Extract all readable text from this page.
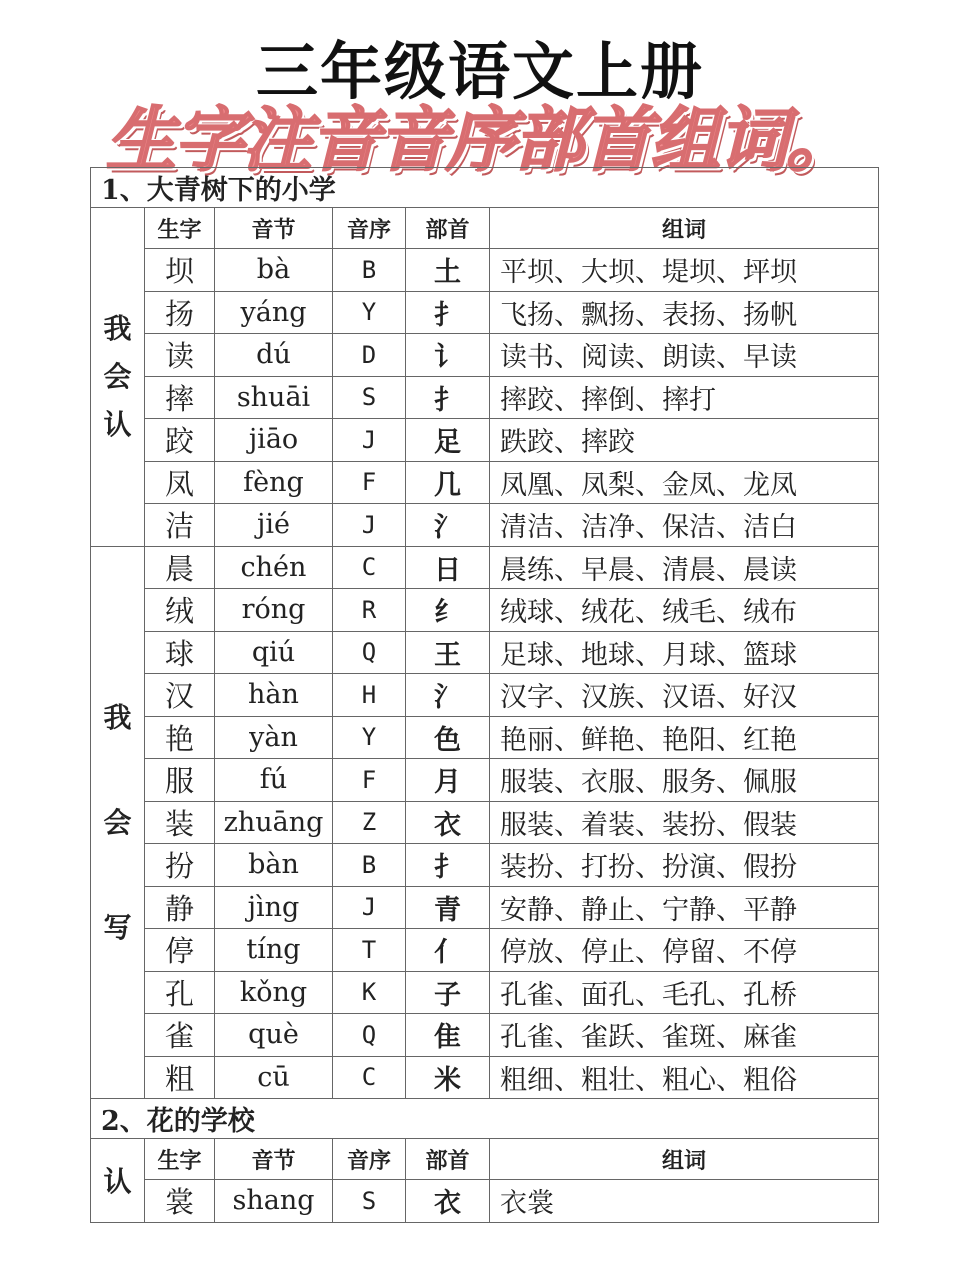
三年级语文上册
生字注音音序部首组词。
1、大青树下的小学					

我
会
认	生字	音节	音序	部首	组词
	坝	bà	B	土	平坝、大坝、堤坝、坪坝
	扬	yáng	Y	扌	飞扬、飘扬、表扬、扬帆
	读	dú	D	讠	读书、阅读、朗读、早读
	摔	shuāi	S	扌	摔跤、摔倒、摔打
	跤	jiāo	J	足	跌跤、摔跤
	凤	fèng	F	几	凤凰、凤梨、金凤、龙凤
	洁	jié	J	氵	清洁、洁净、保洁、洁白

我
会
写	晨	chén	C	日	晨练、早晨、清晨、晨读
	绒	róng	R	纟	绒球、绒花、绒毛、绒布
	球	qiú	Q	王	足球、地球、月球、篮球
	汉	hàn	H	氵	汉字、汉族、汉语、好汉
	艳	yàn	Y	色	艳丽、鲜艳、艳阳、红艳
	服	fú	F	月	服装、衣服、服务、佩服
	装	zhuāng	Z	衣	服装、着装、装扮、假装
	扮	bàn	B	扌	装扮、打扮、扮演、假扮
	静	jìng	J	青	安静、静止、宁静、平静
	停	tíng	T	亻	停放、停止、停留、不停
	孔	kǒng	K	子	孔雀、面孔、毛孔、孔桥
	雀	què	Q	隹	孔雀、雀跃、雀斑、麻雀
	粗	cū	C	米	粗细、粗壮、粗心、粗俗
2、花的学校					
认	生字	音节	音序	部首	组词
	裳	shang	S	衣	衣裳
